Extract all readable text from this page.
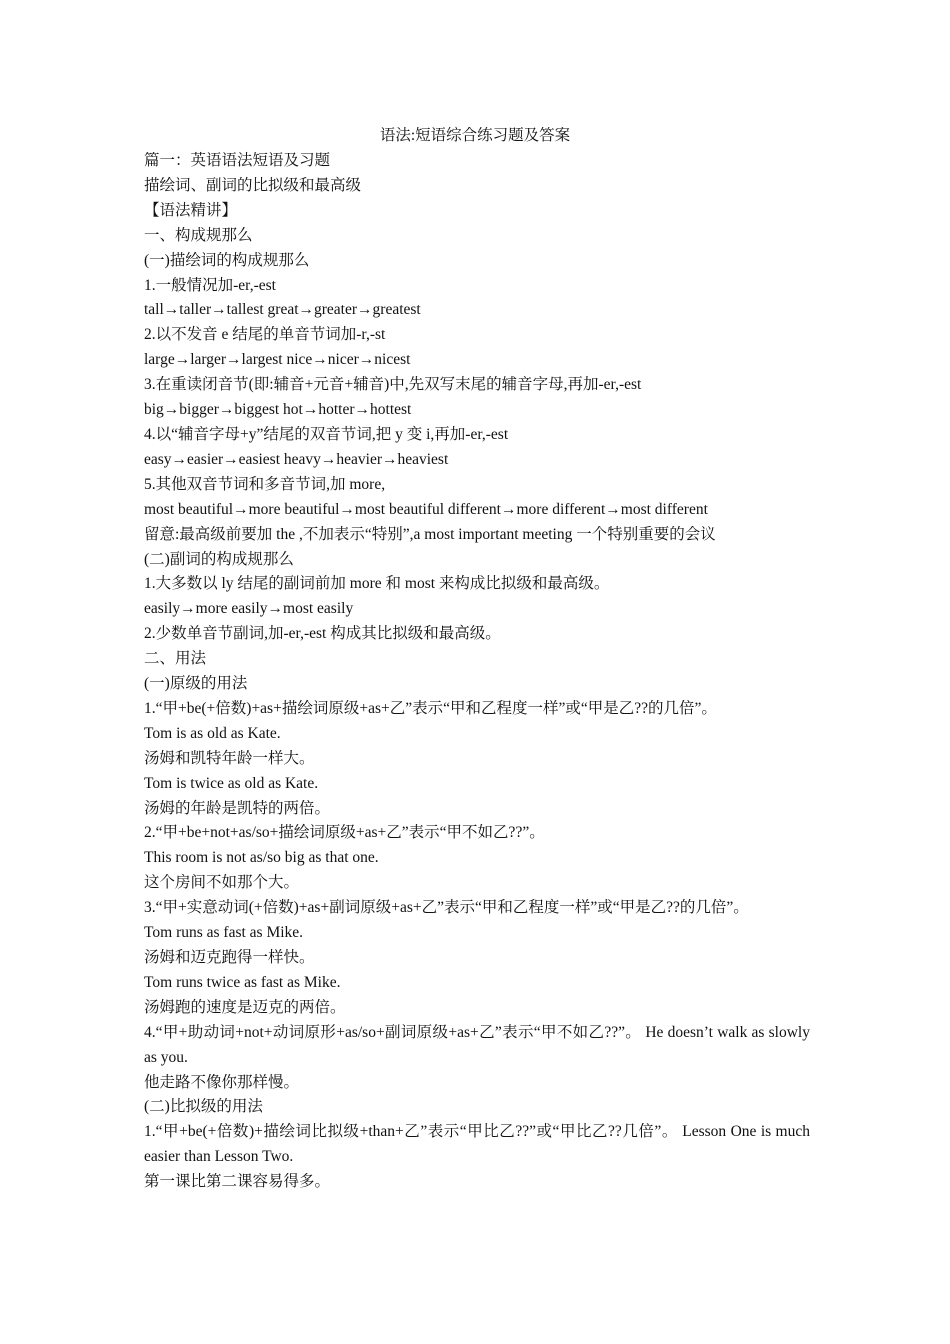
语法:短语综合练习题及答案
篇一：英语语法短语及习题
描绘词、副词的比拟级和最高级
【语法精讲】
一、构成规那么
(一)描绘词的构成规那么
1.一般情况加-er,-est
tall→taller→tallest great→greater→greatest
2.以不发音 e 结尾的单音节词加-r,-st
large→larger→largest nice→nicer→nicest
3.在重读闭音节(即:辅音+元音+辅音)中,先双写末尾的辅音字母,再加-er,-est
big→bigger→biggest hot→hotter→hottest
4.以“辅音字母+y”结尾的双音节词,把 y 变 i,再加-er,-est
easy→easier→easiest heavy→heavier→heaviest
5.其他双音节词和多音节词,加 more,
most beautiful→more beautiful→most beautiful different→more different→most different
留意:最高级前要加 the ,不加表示“特别”,a most important meeting 一个特别重要的会议
(二)副词的构成规那么
1.大多数以 ly 结尾的副词前加 more 和 most 来构成比拟级和最高级。
easily→more easily→most easily
2.少数单音节副词,加-er,-est 构成其比拟级和最高级。
二、用法
(一)原级的用法
1.“甲+be(+倍数)+as+描绘词原级+as+乙”表示“甲和乙程度一样”或“甲是乙??的几倍”。
Tom is as old as Kate.
汤姆和凯特年龄一样大。
Tom is twice as old as Kate.
汤姆的年龄是凯特的两倍。
2.“甲+be+not+as/so+描绘词原级+as+乙”表示“甲不如乙??”。
This room is not as/so big as that one.
这个房间不如那个大。
3.“甲+实意动词(+倍数)+as+副词原级+as+乙”表示“甲和乙程度一样”或“甲是乙??的几倍”。
Tom runs as fast as Mike.
汤姆和迈克跑得一样快。
Tom runs twice as fast as Mike.
汤姆跑的速度是迈克的两倍。
4.“甲+助动词+not+动词原形+as/so+副词原级+as+乙”表示“甲不如乙??”。 He doesn’t walk as slowly as you.
他走路不像你那样慢。
(二)比拟级的用法
1.“甲+be(+倍数)+描绘词比拟级+than+乙”表示“甲比乙??”或“甲比乙??几倍”。 Lesson One is much easier than Lesson Two.
第一课比第二课容易得多。
